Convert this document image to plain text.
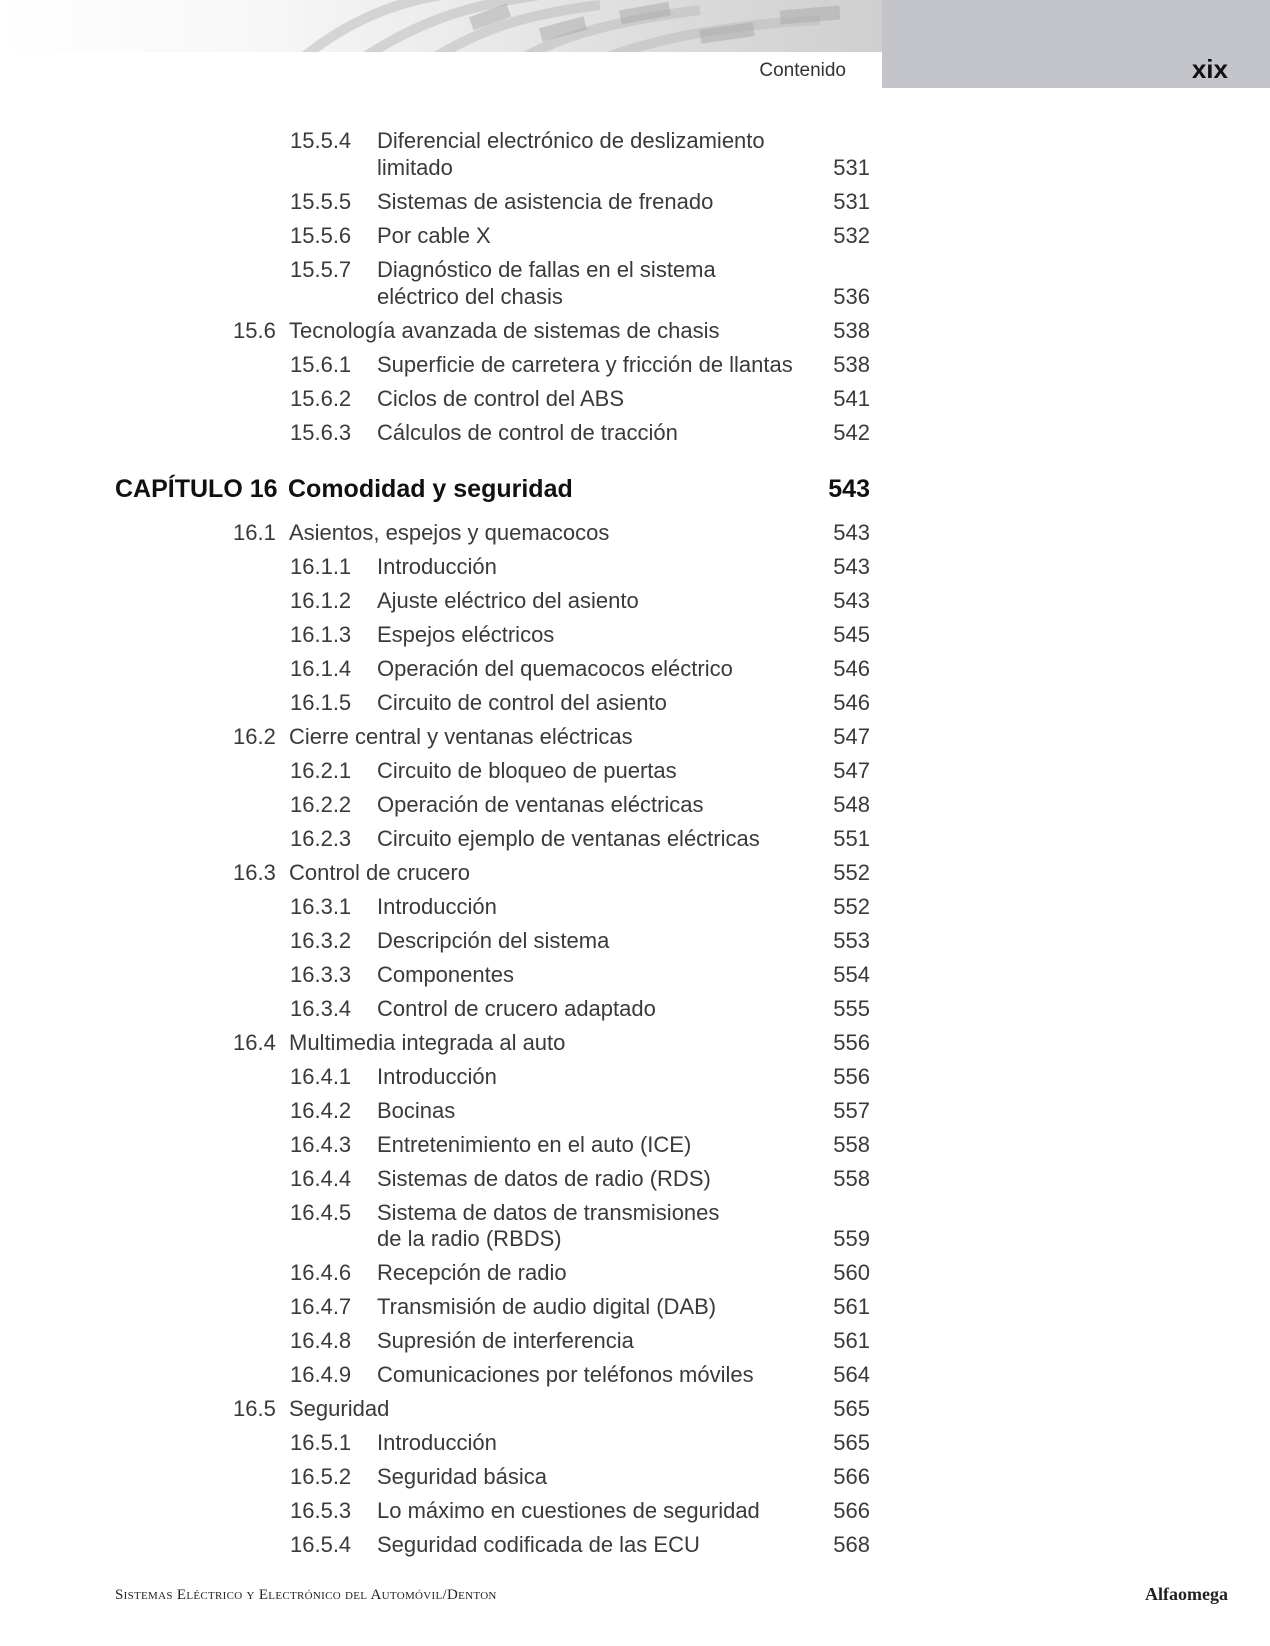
Contenido	xix
15.5.4 Diferencial electrónico de deslizamiento
limitado	531
15.5.5 Sistemas de asistencia de frenado	531
15.5.6 Por cable X	532
15.5.7 Diagnóstico de fallas en el sistema
eléctrico del chasis	536
15.6 Tecnología avanzada de sistemas de chasis	538
15.6.1 Superficie de carretera y fricción de llantas	538
15.6.2 Ciclos de control del ABS	541
15.6.3 Cálculos de control de tracción	542
CAPÍTULO 16 Comodidad y seguridad	543
16.1 Asientos, espejos y quemacocos	543
16.1.1 Introducción	543
16.1.2 Ajuste eléctrico del asiento	543
16.1.3 Espejos eléctricos	545
16.1.4 Operación del quemacocos eléctrico	546
16.1.5 Circuito de control del asiento	546
16.2 Cierre central y ventanas eléctricas	547
16.2.1 Circuito de bloqueo de puertas	547
16.2.2 Operación de ventanas eléctricas	548
16.2.3 Circuito ejemplo de ventanas eléctricas	551
16.3 Control de crucero	552
16.3.1 Introducción	552
16.3.2 Descripción del sistema	553
16.3.3 Componentes	554
16.3.4 Control de crucero adaptado	555
16.4 Multimedia integrada al auto	556
16.4.1 Introducción	556
16.4.2 Bocinas	557
16.4.3 Entretenimiento en el auto (ICE)	558
16.4.4 Sistemas de datos de radio (RDS)	558
16.4.5 Sistema de datos de transmisiones
de la radio (RBDS)	559
16.4.6 Recepción de radio	560
16.4.7 Transmisión de audio digital (DAB)	561
16.4.8 Supresión de interferencia	561
16.4.9 Comunicaciones por teléfonos móviles	564
16.5 Seguridad	565
16.5.1 Introducción	565
16.5.2 Seguridad básica	566
16.5.3 Lo máximo en cuestiones de seguridad	566
16.5.4 Seguridad codificada de las ECU	568
Sistemas Eléctrico y Electrónico del Automóvil/Denton	Alfaomega
